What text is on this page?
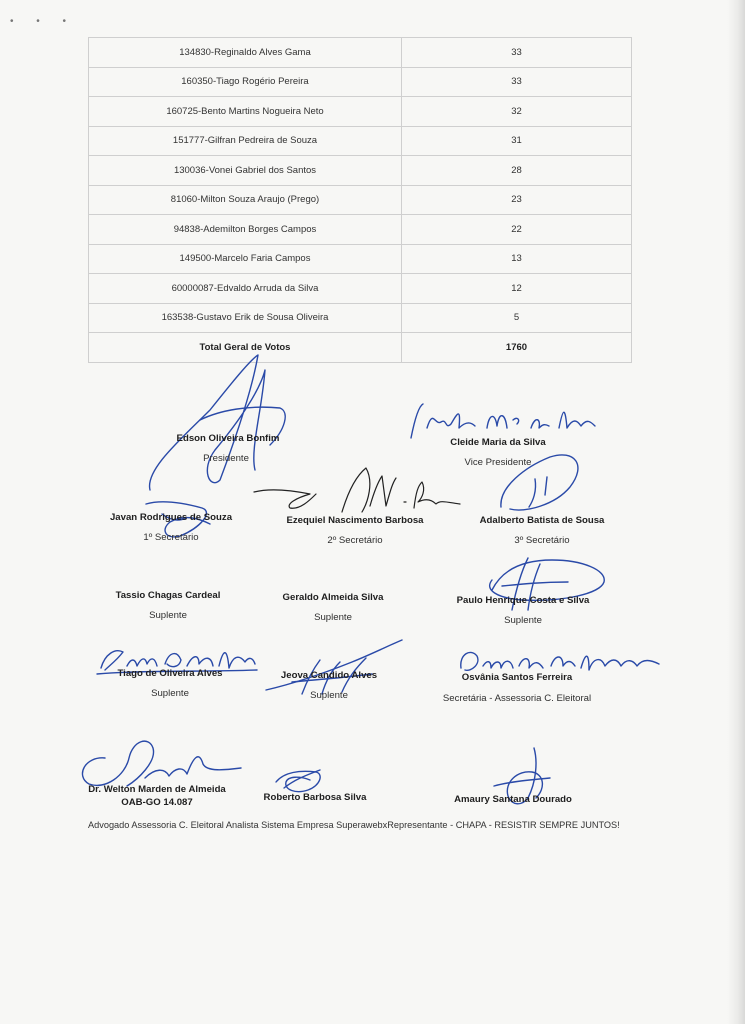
• • •
134830-Reginaldo Alves Gama	33
160350-Tiago Rogério Pereira	33
160725-Bento Martins Nogueira Neto	32
151777-Gilfran Pedreira de Souza	31
130036-Vonei Gabriel dos Santos	28
81060-Milton Souza Araujo (Prego)	23
94838-Ademilton Borges Campos	22
149500-Marcelo Faria Campos	13
60000087-Edvaldo Arruda da Silva	12
163538-Gustavo Erik de Sousa Oliveira	5
Total Geral de Votos	1760
Edson Oliveira Bonfim
Presidente
Cleide Maria da Silva
Vice Presidente
Javan Rodrigues de Souza
1º Secretário
Ezequiel Nascimento Barbosa
2º Secretário
Adalberto Batista de Sousa
3º Secretário
Tassio Chagas Cardeal
Suplente
Geraldo Almeida Silva
Suplente
Paulo Henrique Costa e Silva
Suplente
Tiago de Oliveira Alves
Suplente
Jeova Candido Alves
Suplente
Osvânia Santos Ferreira
Secretária - Assessoria C. Eleitoral
Dr. Welton Marden de Almeida
OAB-GO 14.087	Roberto Barbosa Silva	Amaury Santana Dourado
Advogado Assessoria C. Eleitoral Analista Sistema Empresa SuperawebxRepresentante - CHAPA - RESISTIR SEMPRE JUNTOS!
